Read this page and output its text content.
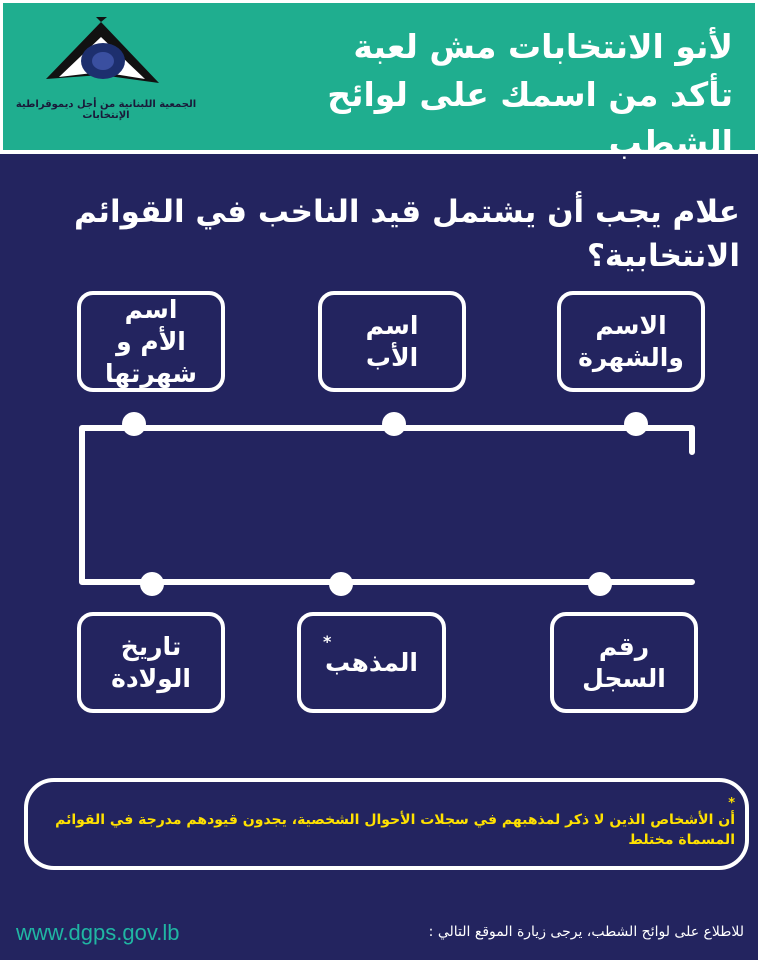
الجمعية اللبنانية من أجل ديموقراطية الإنتخابات
لأنو الانتخابات مش لعبة
تأكد من اسمك على لوائح الشطب
علام يجب أن يشتمل قيد الناخب في القوائم الانتخابية؟
اسم
الأم و
شهرتها
اسم
الأب
الاسم
والشهرة
تاريخ
الولادة
*
المذهب
رقم
السجل
*
أن الأشخاص الذين لا ذكر لمذهبهم في سجلات الأحوال الشخصية، يجدون قيودهم مدرجة في القوائم المسماة مختلط
www.dgps.gov.lb	للاطلاع على لوائح الشطب، يرجى زيارة الموقع التالي :
